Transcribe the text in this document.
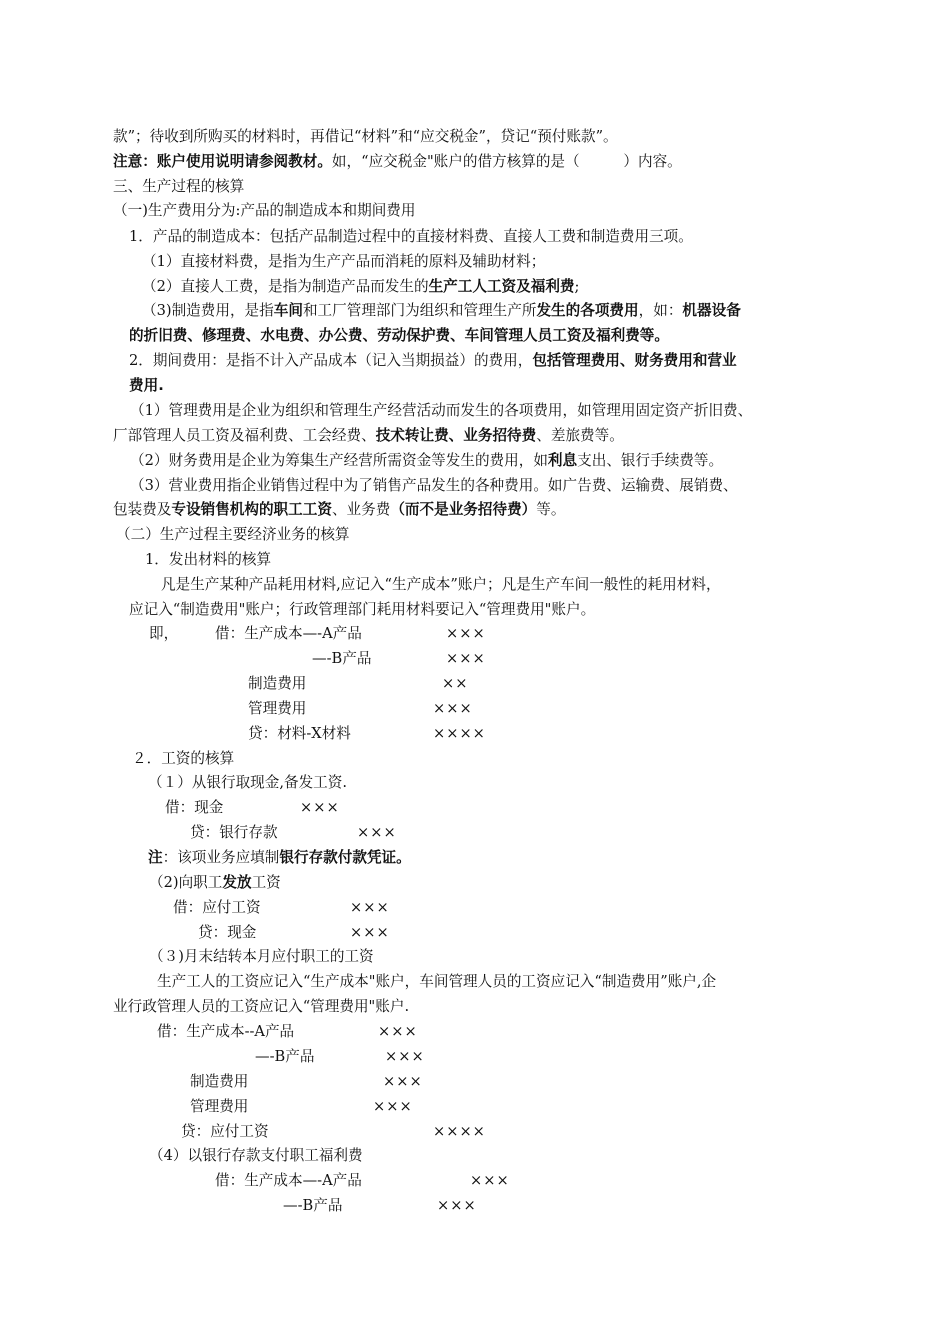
款”；待收到所购买的材料时，再借记“材料”和“应交税金”，贷记“预付账款”。
注意：账户使用说明请参阅教材。如，“应交税金"账户的借方核算的是（　　　）内容。
三、生产过程的核算
（一)生产费用分为:产品的制造成本和期间费用
1．产品的制造成本：包括产品制造过程中的直接材料费、直接人工费和制造费用三项。
（1）直接材料费，是指为生产产品而消耗的原料及辅助材料；
（2）直接人工费，是指为制造产品而发生的生产工人工资及福利费;
（3)制造费用，是指车间和工厂管理部门为组织和管理生产所发生的各项费用，如：机器设备
的折旧费、修理费、水电费、办公费、劳动保护费、车间管理人员工资及福利费等。
2．期间费用：是指不计入产品成本（记入当期损益）的费用，包括管理费用、财务费用和营业
费用.
（1）管理费用是企业为组织和管理生产经营活动而发生的各项费用，如管理用固定资产折旧费、
厂部管理人员工资及福利费、工会经费、技术转让费、业务招待费、差旅费等。
（2）财务费用是企业为筹集生产经营所需资金等发生的费用，如利息支出、银行手续费等。
（3）营业费用指企业销售过程中为了销售产品发生的各种费用。如广告费、运输费、展销费、
包装费及专设销售机构的职工工资、业务费（而不是业务招待费）等。
（二）生产过程主要经济业务的核算
1．发出材料的核算
凡是生产某种产品耗用材料,应记入“生产成本”账户；凡是生产车间一般性的耗用材料，
应记入“制造费用"账户；行政管理部门耗用材料要记入“管理费用"账户。
即，	借：生产成本—-A产品	×××
—-B产品	×××
制造费用	××
管理费用	×××
贷：材料-X材料	××××
２．工资的核算
（１）从银行取现金,备发工资.
借：现金	×××
贷：银行存款	×××
注：该项业务应填制银行存款付款凭证。
（2)向职工发放工资
借：应付工资	×××
贷：现金	×××
（３)月末结转本月应付职工的工资
生产工人的工资应记入“生产成本"账户，车间管理人员的工资应记入“制造费用”账户,企
业行政管理人员的工资应记入“管理费用"账户.
借：生产成本--A产品	×××
—-B产品	×××
制造费用	×××
管理费用	×××
贷：应付工资	××××
（4）以银行存款支付职工福利费
借：生产成本—-A产品	×××
—-B产品	×××
